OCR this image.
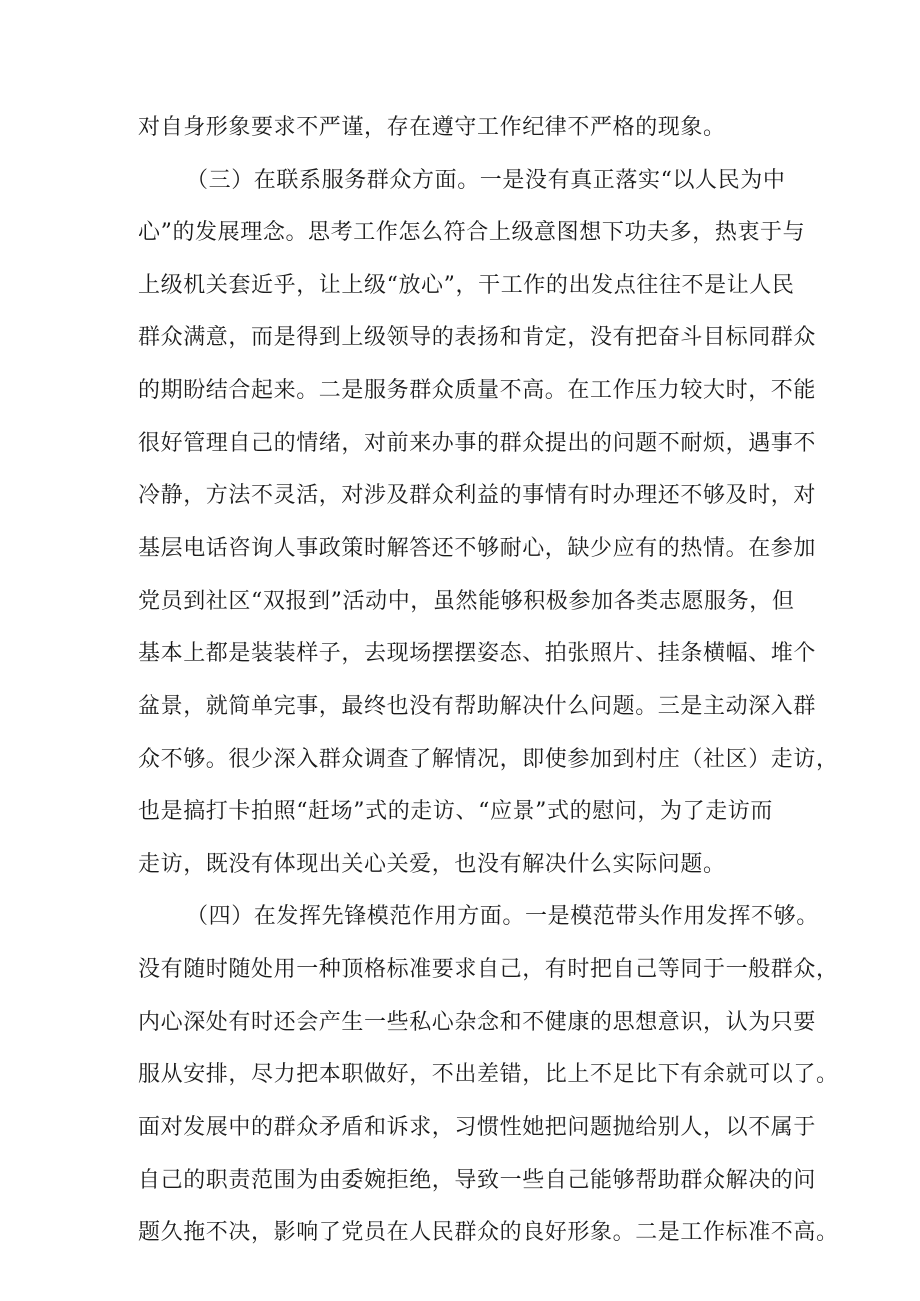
对自身形象要求不严谨，存在遵守工作纪律不严格的现象。
（三）在联系服务群众方面。一是没有真正落实“以人民为中
心”的发展理念。思考工作怎么符合上级意图想下功夫多，热衷于与
上级机关套近乎，让上级“放心”，干工作的出发点往往不是让人民
群众满意，而是得到上级领导的表扬和肯定，没有把奋斗目标同群众
的期盼结合起来。二是服务群众质量不高。在工作压力较大时，不能
很好管理自己的情绪，对前来办事的群众提出的问题不耐烦，遇事不
冷静，方法不灵活，对涉及群众利益的事情有时办理还不够及时，对
基层电话咨询人事政策时解答还不够耐心，缺少应有的热情。在参加
党员到社区“双报到”活动中，虽然能够积极参加各类志愿服务，但
基本上都是装装样子，去现场摆摆姿态、拍张照片、挂条横幅、堆个
盆景，就简单完事，最终也没有帮助解决什么问题。三是主动深入群
众不够。很少深入群众调查了解情况，即使参加到村庄（社区）走访，
也是搞打卡拍照“赶场”式的走访、“应景”式的慰问，为了走访而
走访，既没有体现出关心关爱，也没有解决什么实际问题。
（四）在发挥先锋模范作用方面。一是模范带头作用发挥不够。
没有随时随处用一种顶格标准要求自己，有时把自己等同于一般群众，
内心深处有时还会产生一些私心杂念和不健康的思想意识，认为只要
服从安排，尽力把本职做好，不出差错，比上不足比下有余就可以了。
面对发展中的群众矛盾和诉求，习惯性她把问题抛给别人，以不属于
自己的职责范围为由委婉拒绝，导致一些自己能够帮助群众解决的问
题久拖不决，影响了党员在人民群众的良好形象。二是工作标准不高。
